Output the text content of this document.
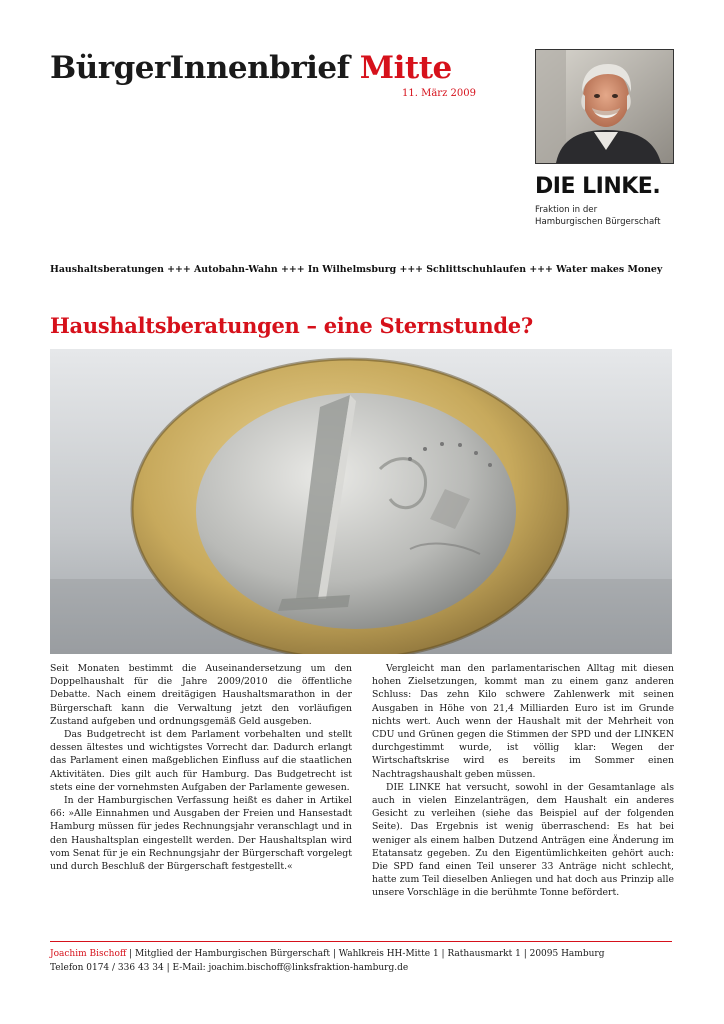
BürgerInnenbrief Mitte
11. März 2009
DIE LINKE.
Fraktion in der
Hamburgischen Bürgerschaft
Haushaltsberatungen +++ Autobahn-Wahn +++ In Wilhelmsburg +++ Schlittschuhlaufen +++ Water makes Money
Haushaltsberatungen – eine Sternstunde?

Seit Monaten bestimmt die Auseinandersetzung um den Doppelhaushalt für die Jahre 2009/2010 die öffentliche Debatte. Nach einem dreitägigen Haushaltsmarathon in der Bürgerschaft kann die Verwaltung jetzt den vorläufigen Zustand aufgeben und ordnungsgemäß Geld ausgeben.

Das Budgetrecht ist dem Parlament vorbehalten und stellt dessen ältestes und wichtigstes Vorrecht dar. Dadurch erlangt das Parlament einen maßgeblichen Einfluss auf die staatlichen Aktivitäten. Dies gilt auch für Hamburg. Das Budgetrecht ist stets eine der vornehmsten Aufgaben der Parlamente gewesen.

In der Hamburgischen Verfassung heißt es daher in Artikel 66: »Alle Einnahmen und Ausgaben der Freien und Hansestadt Hamburg müssen für jedes Rechnungsjahr veranschlagt und in den Haushaltsplan eingestellt werden. Der Haushaltsplan wird vom Senat für je ein Rechnungsjahr der Bürgerschaft vorgelegt und durch Beschluß der Bürgerschaft festgestellt.«

Vergleicht man den parlamentarischen Alltag mit diesen hohen Zielsetzungen, kommt man zu einem ganz anderen Schluss: Das zehn Kilo schwere Zahlenwerk mit seinen Ausgaben in Höhe von 21,4 Milliarden Euro ist im Grunde nichts wert. Auch wenn der Haushalt mit der Mehrheit von CDU und Grünen gegen die Stimmen der SPD und der LINKEN durchgestimmt wurde, ist völlig klar: Wegen der Wirtschaftskrise wird es bereits im Sommer einen Nachtragshaushalt geben müssen.

DIE LINKE hat versucht, sowohl in der Gesamtanlage als auch in vielen Einzelanträgen, dem Haushalt ein anderes Gesicht zu verleihen (siehe das Beispiel auf der folgenden Seite). Das Ergebnis ist wenig überraschend: Es hat bei weniger als einem halben Dutzend Anträgen eine Änderung im Etatansatz gegeben. Zu den Eigentümlichkeiten gehört auch: Die SPD fand einen Teil unserer 33 Anträge nicht schlecht, hatte zum Teil dieselben Anliegen und hat doch aus Prinzip alle unsere Vorschläge in die berühmte Tonne befördert.

Joachim Bischoff | Mitglied der Hamburgischen Bürgerschaft | Wahlkreis HH-Mitte 1 | Rathausmarkt 1 | 20095 Hamburg
Telefon 0174 / 336 43 34 | E-Mail: joachim.bischoff@linksfraktion-hamburg.de
